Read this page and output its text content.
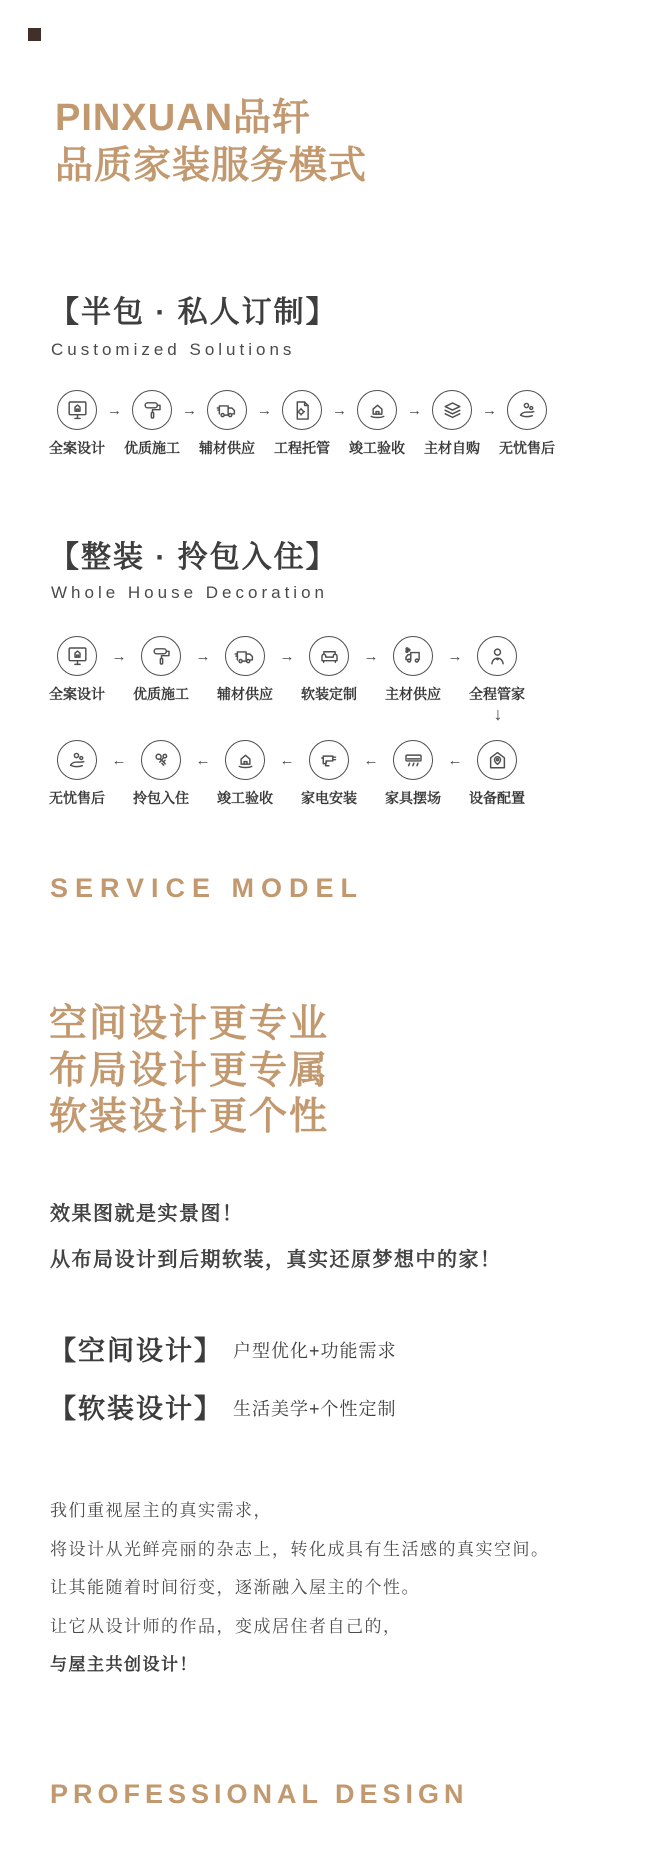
PINXUAN品轩
品质家装服务模式
【半包 · 私人订制】
Customized Solutions
全案设计
→
优质施工
→
辅材供应
→
工程托管
→
竣工验收
→
主材自购
→
无忧售后
【整装 · 拎包入住】
Whole House Decoration
全案设计
→
优质施工
→
辅材供应
→
软装定制
→
主材供应
→
全程管家
↓
无忧售后
←
拎包入住
←
竣工验收
←
家电安装
←
家具摆场
←
设备配置
SERVICE MODEL
空间设计更专业
布局设计更专属
软装设计更个性
效果图就是实景图！
从布局设计到后期软装，真实还原梦想中的家！
【空间设计】 户型优化+功能需求
【软装设计】 生活美学+个性定制
我们重视屋主的真实需求，
将设计从光鲜亮丽的杂志上，转化成具有生活感的真实空间。
让其能随着时间衍变，逐渐融入屋主的个性。
让它从设计师的作品，变成居住者自己的，
与屋主共创设计！
PROFESSIONAL DESIGN
